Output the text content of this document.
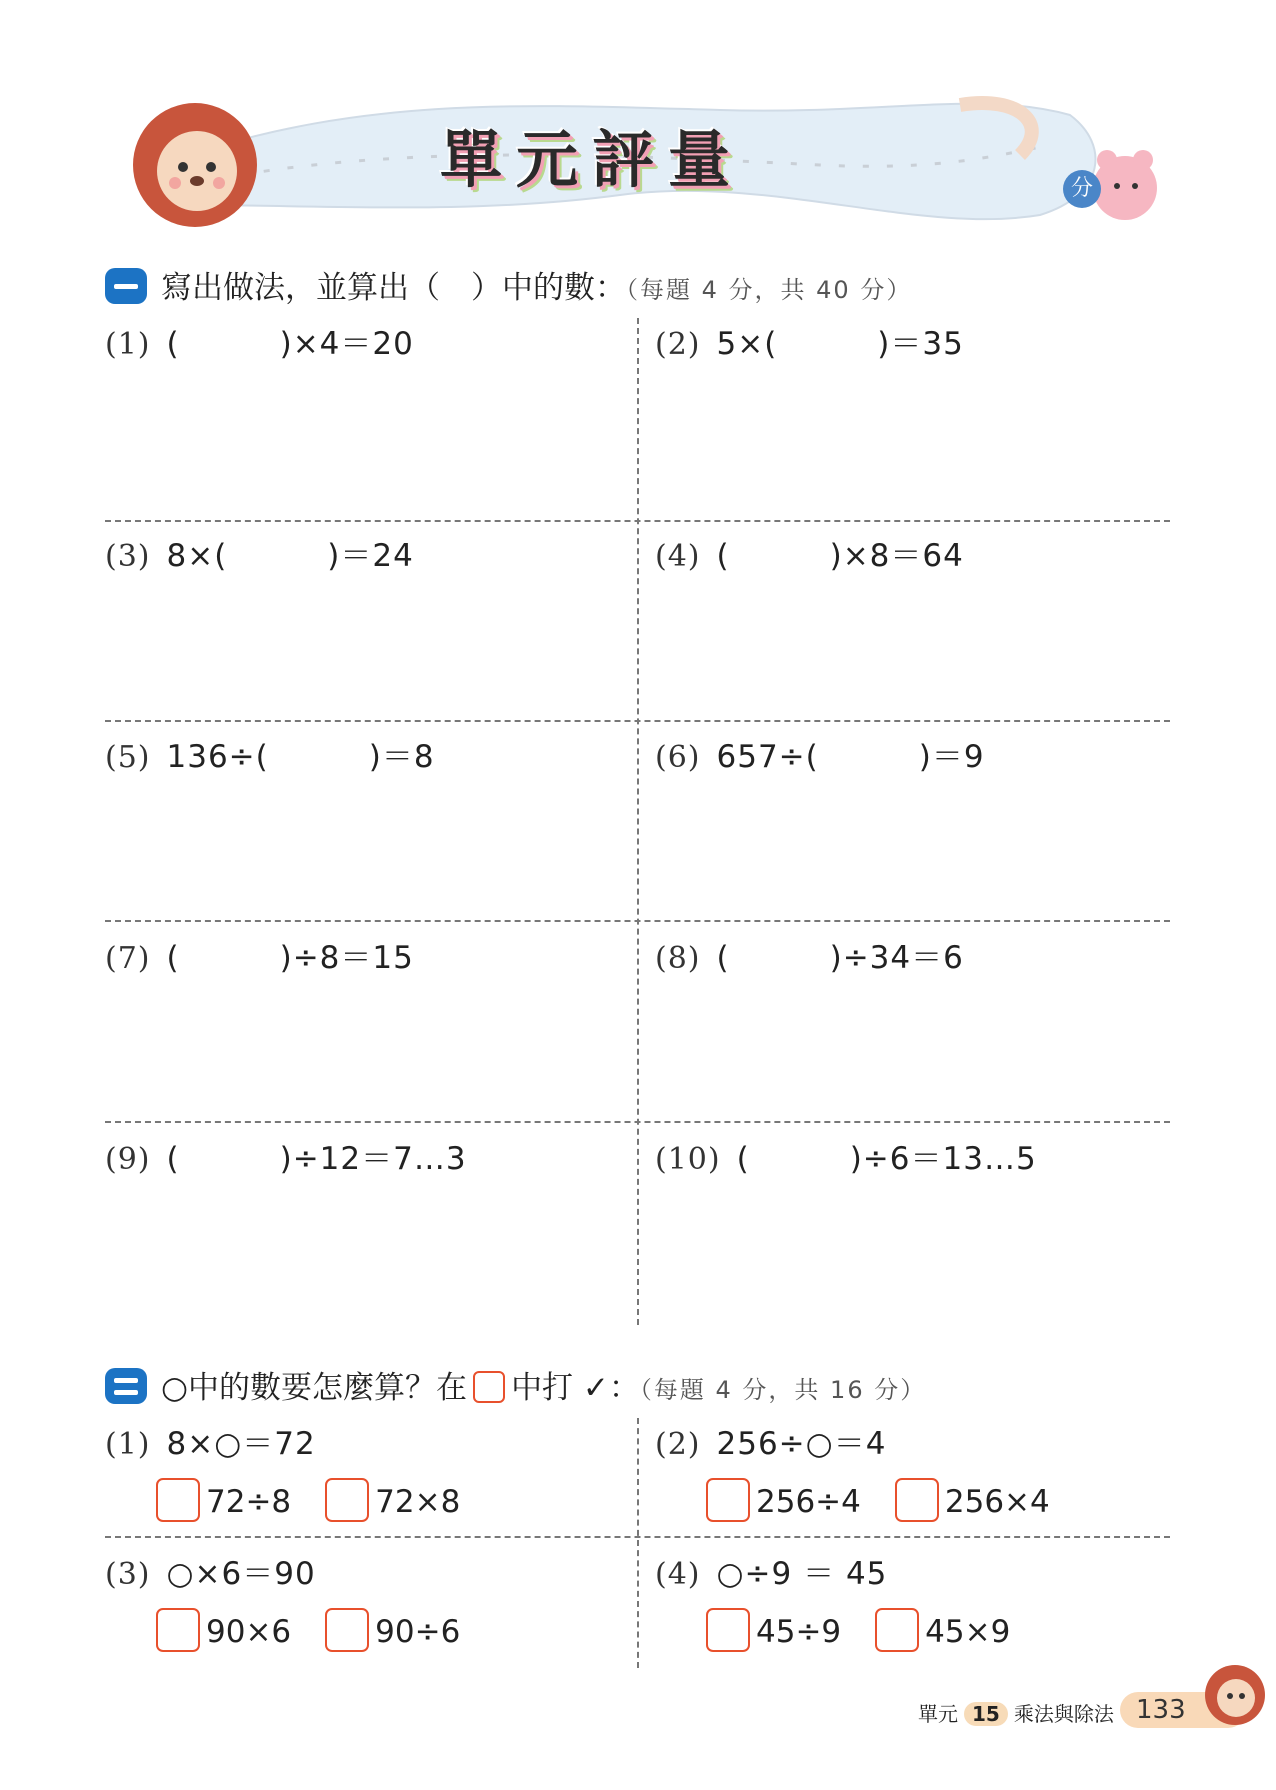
單元評量	分
寫出做法，並算出（　）中的數：（每題 4 分，共 40 分）
(1) (	)×4＝20	(2) 5×(	)＝35
(3) 8×(	)＝24	(4) (	)×8＝64
(5) 136÷(	)＝8	(6) 657÷(	)＝9
(7) (	)÷8＝15	(8) (	)÷34＝6
(9) (	)÷12＝7…3	(10) (	)÷6＝13…5
○中的數要怎麼算？在 中打 ✓：（每題 4 分，共 16 分）
(1) 8×○＝72
72÷8	72×8
(2) 256÷○＝4
256÷4	256×4
(3) ○×6＝90
90×6	90÷6
(4) ○÷9 ＝ 45
45÷9	45×9
單元 15 乘法與除法 133
